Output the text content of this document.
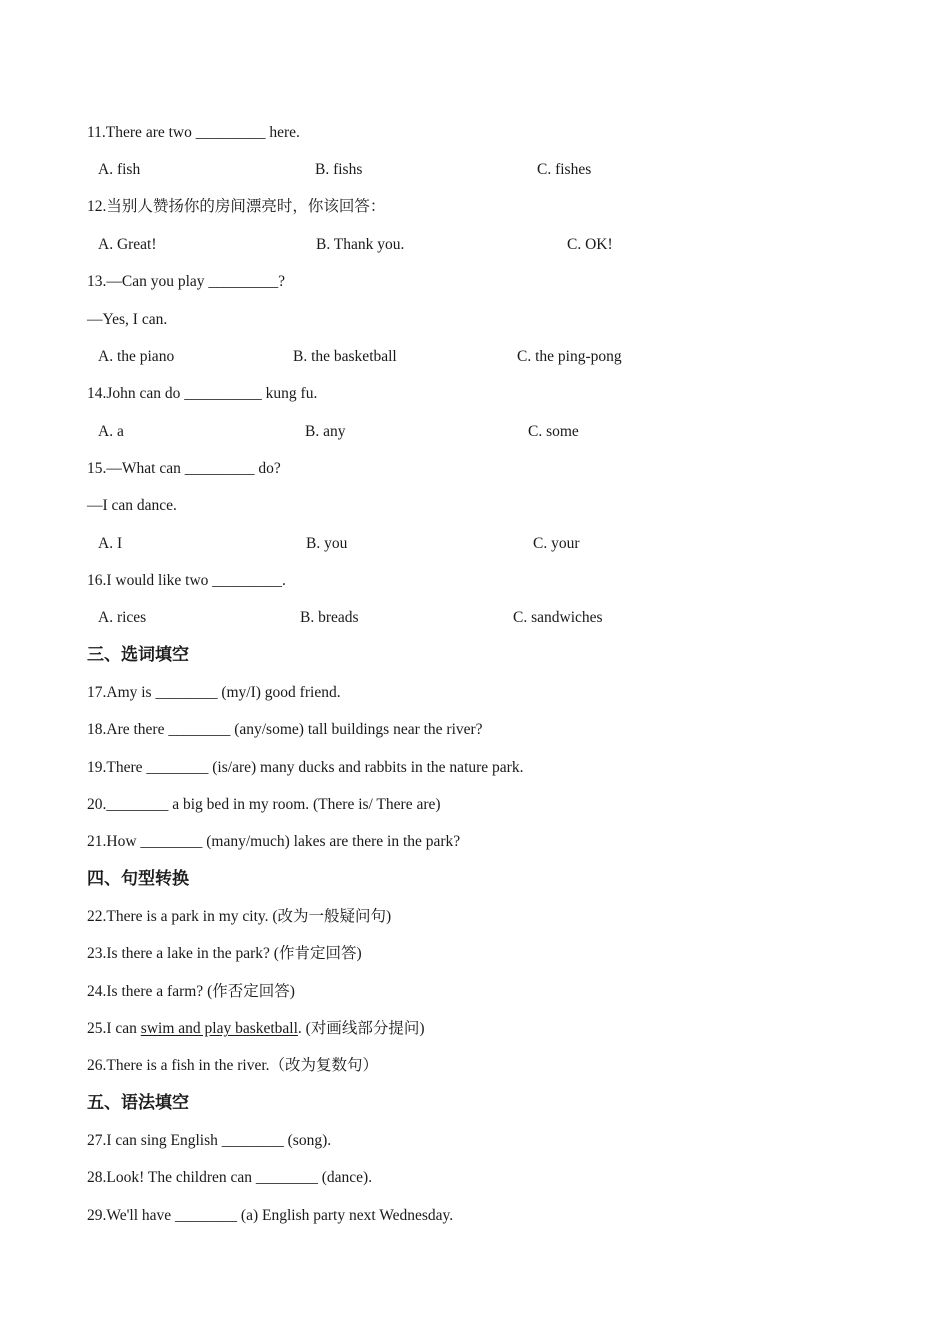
11.There are two _________ here.
A. fish	B. fishs	C. fishes
12.当别人赞扬你的房间漂亮时，你该回答：
A. Great!	B. Thank you.	C. OK!
13.—Can you play _________?
—Yes, I can.
A. the piano	B. the basketball	C. the ping-pong
14.John can do __________ kung fu.
A. a	B. any	C. some
15.—What can _________ do?
—I can dance.
A. I	B. you	C. your
16.I would like two _________.
A. rices	B. breads	C. sandwiches
三、选词填空
17.Amy is ________ (my/I) good friend.
18.Are there ________ (any/some) tall buildings near the river?
19.There ________ (is/are) many ducks and rabbits in the nature park.
20.________ a big bed in my room. (There is/ There are)
21.How ________ (many/much) lakes are there in the park?
四、句型转换
22.There is a park in my city. (改为一般疑问句)
23.Is there a lake in the park? (作肯定回答)
24.Is there a farm? (作否定回答)
25.I can swim and play basketball. (对画线部分提问)
26.There is a fish in the river.（改为复数句）
五、语法填空
27.I can sing English ________ (song).
28.Look! The children can ________ (dance).
29.We'll have ________ (a) English party next Wednesday.
